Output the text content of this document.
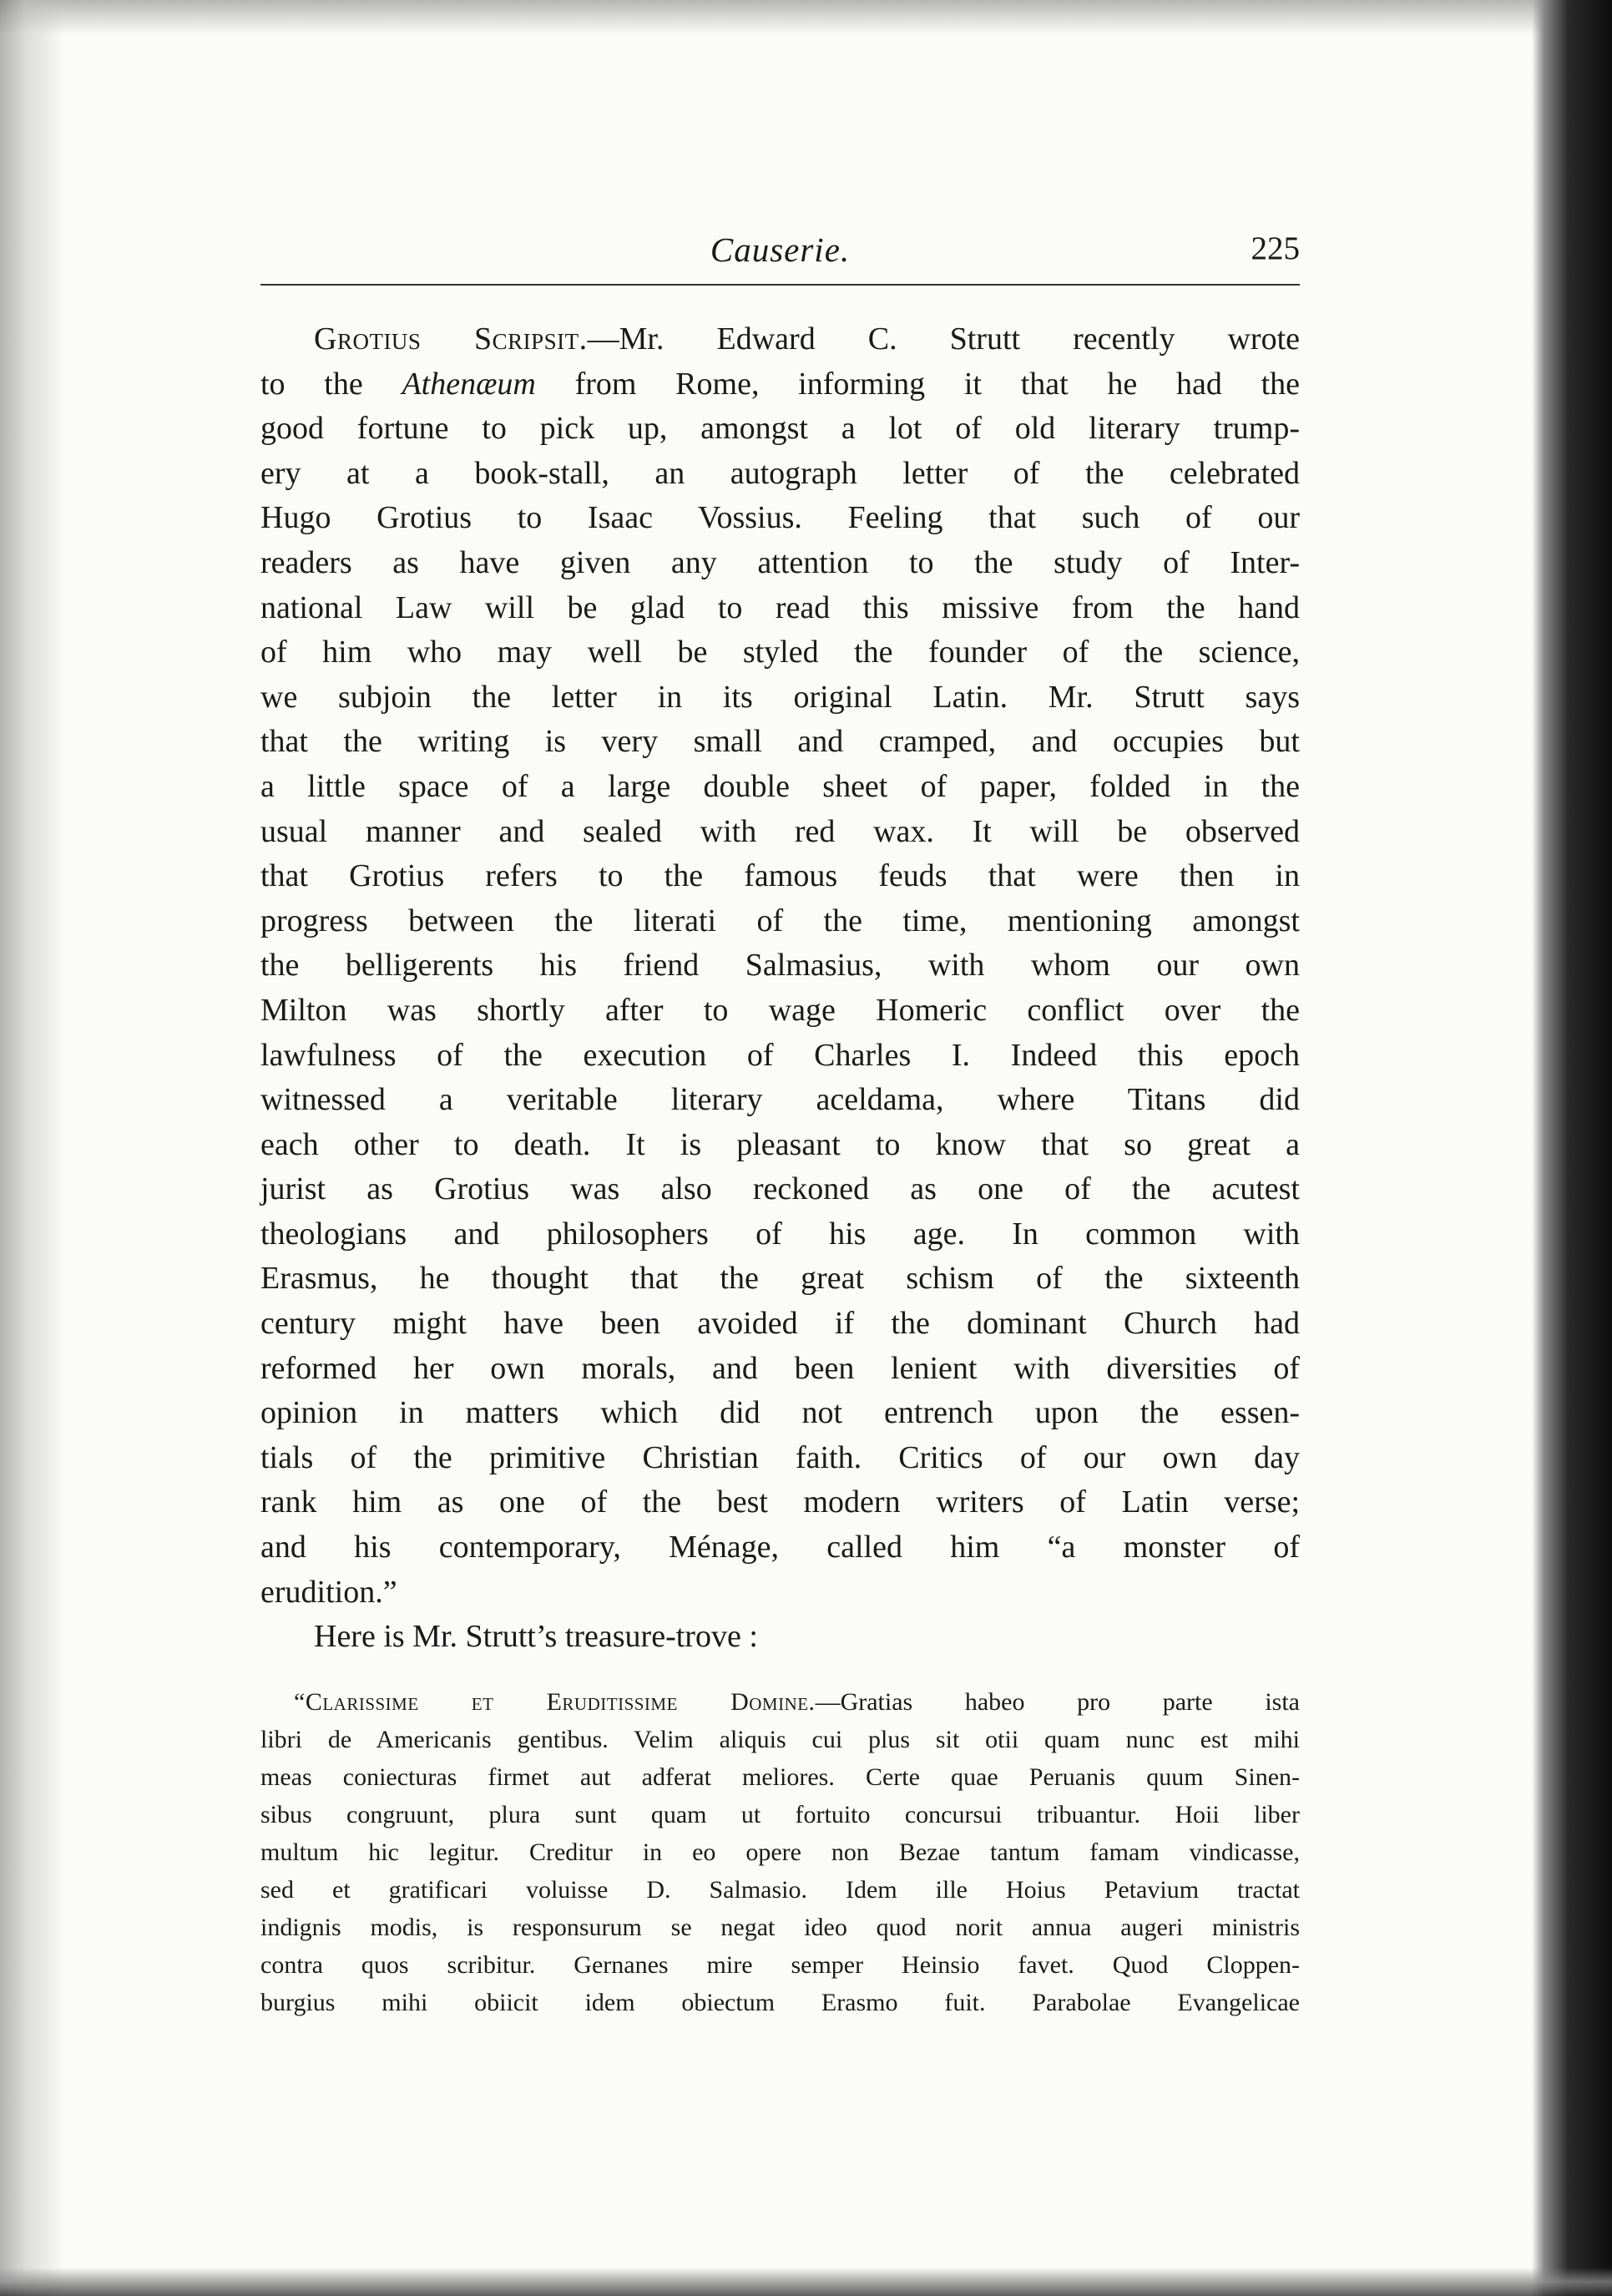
Causerie.	225
Grotius Scripsit.—Mr. Edward C. Strutt recently wrote
to the Athenæum from Rome, informing it that he had the
good fortune to pick up, amongst a lot of old literary trump-
ery at a book-stall, an autograph letter of the celebrated
Hugo Grotius to Isaac Vossius. Feeling that such of our
readers as have given any attention to the study of Inter-
national Law will be glad to read this missive from the hand
of him who may well be styled the founder of the science,
we subjoin the letter in its original Latin. Mr. Strutt says
that the writing is very small and cramped, and occupies but
a little space of a large double sheet of paper, folded in the
usual manner and sealed with red wax. It will be observed
that Grotius refers to the famous feuds that were then in
progress between the literati of the time, mentioning amongst
the belligerents his friend Salmasius, with whom our own
Milton was shortly after to wage Homeric conflict over the
lawfulness of the execution of Charles I. Indeed this epoch
witnessed a veritable literary aceldama, where Titans did
each other to death. It is pleasant to know that so great a
jurist as Grotius was also reckoned as one of the acutest
theologians and philosophers of his age. In common with
Erasmus, he thought that the great schism of the sixteenth
century might have been avoided if the dominant Church had
reformed her own morals, and been lenient with diversities of
opinion in matters which did not entrench upon the essen-
tials of the primitive Christian faith. Critics of our own day
rank him as one of the best modern writers of Latin verse;
and his contemporary, Ménage, called him “a monster of
erudition.”
Here is Mr. Strutt’s treasure-trove :
“Clarissime et Eruditissime Domine.—Gratias habeo pro parte ista
libri de Americanis gentibus. Velim aliquis cui plus sit otii quam nunc est mihi
meas coniecturas firmet aut adferat meliores. Certe quae Peruanis quum Sinen-
sibus congruunt, plura sunt quam ut fortuito concursui tribuantur. Hoii liber
multum hic legitur. Creditur in eo opere non Bezae tantum famam vindicasse,
sed et gratificari voluisse D. Salmasio. Idem ille Hoius Petavium tractat
indignis modis, is responsurum se negat ideo quod norit annua augeri ministris
contra quos scribitur. Gernanes mire semper Heinsio favet. Quod Cloppen-
burgius mihi obiicit idem obiectum Erasmo fuit. Parabolae Evangelicae
